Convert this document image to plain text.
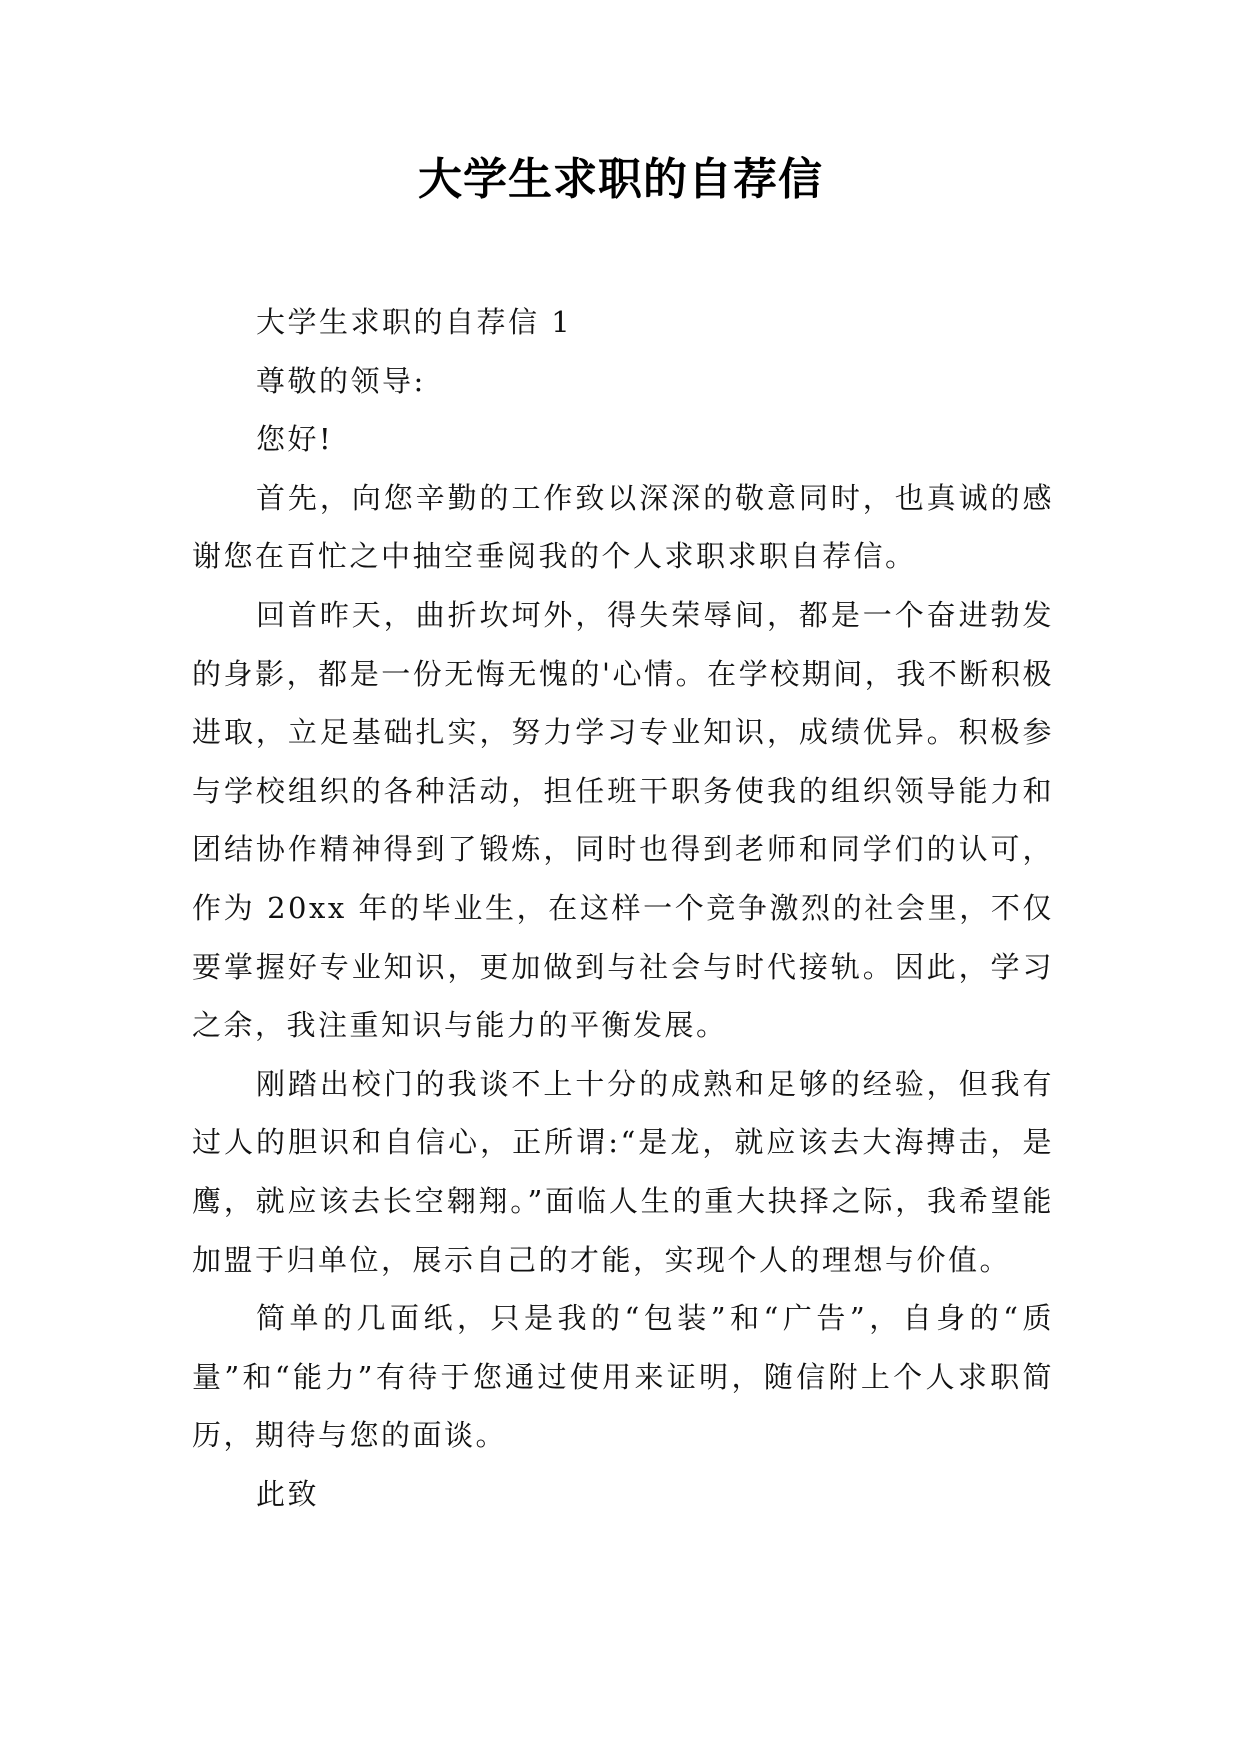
大学生求职的自荐信

大学生求职的自荐信 1

尊敬的领导:

您好!

首先，向您辛勤的工作致以深深的敬意同时，也真诚的感谢您在百忙之中抽空垂阅我的个人求职求职自荐信。

回首昨天，曲折坎坷外，得失荣辱间，都是一个奋进勃发的身影，都是一份无悔无愧的'心情。在学校期间，我不断积极进取，立足基础扎实，努力学习专业知识，成绩优异。积极参与学校组织的各种活动，担任班干职务使我的组织领导能力和团结协作精神得到了锻炼，同时也得到老师和同学们的认可，作为 20xx 年的毕业生，在这样一个竞争激烈的社会里，不仅要掌握好专业知识，更加做到与社会与时代接轨。因此，学习之余，我注重知识与能力的平衡发展。

刚踏出校门的我谈不上十分的成熟和足够的经验，但我有过人的胆识和自信心，正所谓:“是龙，就应该去大海搏击，是鹰，就应该去长空翱翔。”面临人生的重大抉择之际，我希望能加盟于归单位，展示自己的才能，实现个人的理想与价值。

简单的几面纸，只是我的“包装”和“广告”，自身的“质量”和“能力”有待于您通过使用来证明，随信附上个人求职简历，期待与您的面谈。

此致
